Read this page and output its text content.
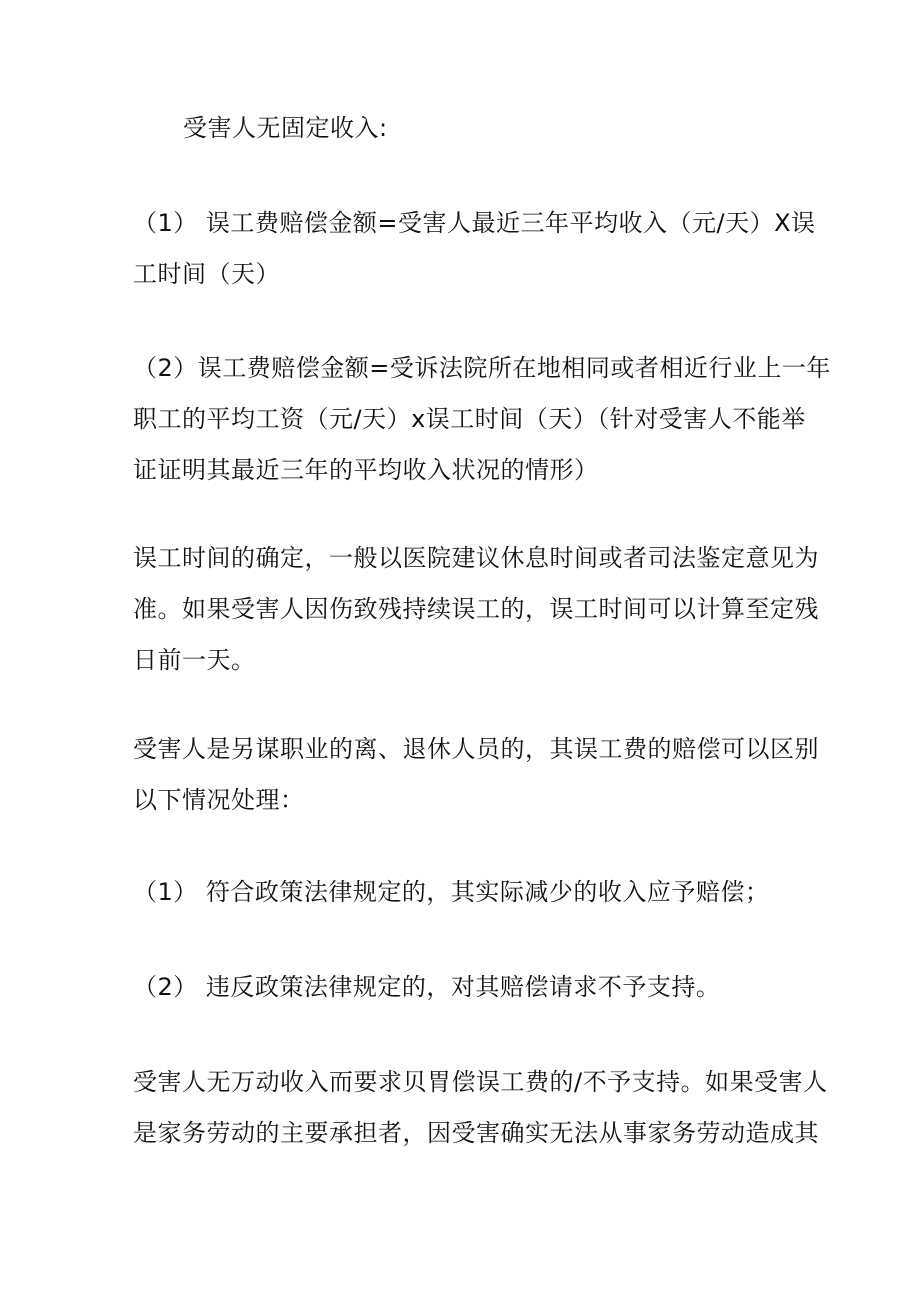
受害人无固定收入:

（1） 误工费赔偿金额=受害人最近三年平均收入（元/天）X误
工时间（天）

（2）误工费赔偿金额=受诉法院所在地相同或者相近行业上一年
职工的平均工资（元/天）x误工时间（天）（针对受害人不能举
证证明其最近三年的平均收入状况的情形）

误工时间的确定，一般以医院建议休息时间或者司法鉴定意见为
准。如果受害人因伤致残持续误工的，误工时间可以计算至定残
日前一天。

受害人是另谋职业的离、退休人员的，其误工费的赔偿可以区别
以下情况处理：

（1） 符合政策法律规定的，其实际减少的收入应予赔偿；

（2） 违反政策法律规定的，对其赔偿请求不予支持。

受害人无万动收入而要求贝胃偿误工费的/不予支持。如果受害人
是家务劳动的主要承担者，因受害确实无法从事家务劳动造成其
